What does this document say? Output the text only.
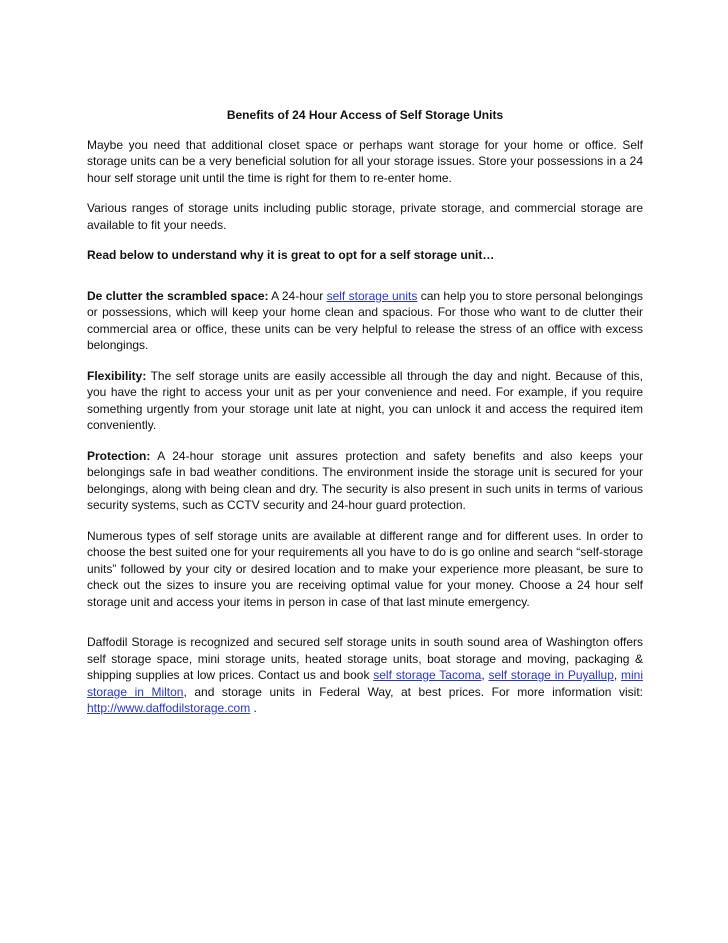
Benefits of 24 Hour Access of Self Storage Units

Maybe you need that additional closet space or perhaps want storage for your home or office. Self storage units can be a very beneficial solution for all your storage issues. Store your possessions in a 24 hour self storage unit until the time is right for them to re-enter home.

Various ranges of storage units including public storage, private storage, and commercial storage are available to fit your needs.

Read below to understand why it is great to opt for a self storage unit…

De clutter the scrambled space: A 24-hour self storage units can help you to store personal belongings or possessions, which will keep your home clean and spacious. For those who want to de clutter their commercial area or office, these units can be very helpful to release the stress of an office with excess belongings.

Flexibility: The self storage units are easily accessible all through the day and night. Because of this, you have the right to access your unit as per your convenience and need. For example, if you require something urgently from your storage unit late at night, you can unlock it and access the required item conveniently.

Protection: A 24-hour storage unit assures protection and safety benefits and also keeps your belongings safe in bad weather conditions. The environment inside the storage unit is secured for your belongings, along with being clean and dry. The security is also present in such units in terms of various security systems, such as CCTV security and 24-hour guard protection.

Numerous types of self storage units are available at different range and for different uses. In order to choose the best suited one for your requirements all you have to do is go online and search “self-storage units” followed by your city or desired location and to make your experience more pleasant, be sure to check out the sizes to insure you are receiving optimal value for your money. Choose a 24 hour self storage unit and access your items in person in case of that last minute emergency.

Daffodil Storage is recognized and secured self storage units in south sound area of Washington offers self storage space, mini storage units, heated storage units, boat storage and moving, packaging & shipping supplies at low prices. Contact us and book self storage Tacoma, self storage in Puyallup, mini storage in Milton, and storage units in Federal Way, at best prices. For more information visit: http://www.daffodilstorage.com .
